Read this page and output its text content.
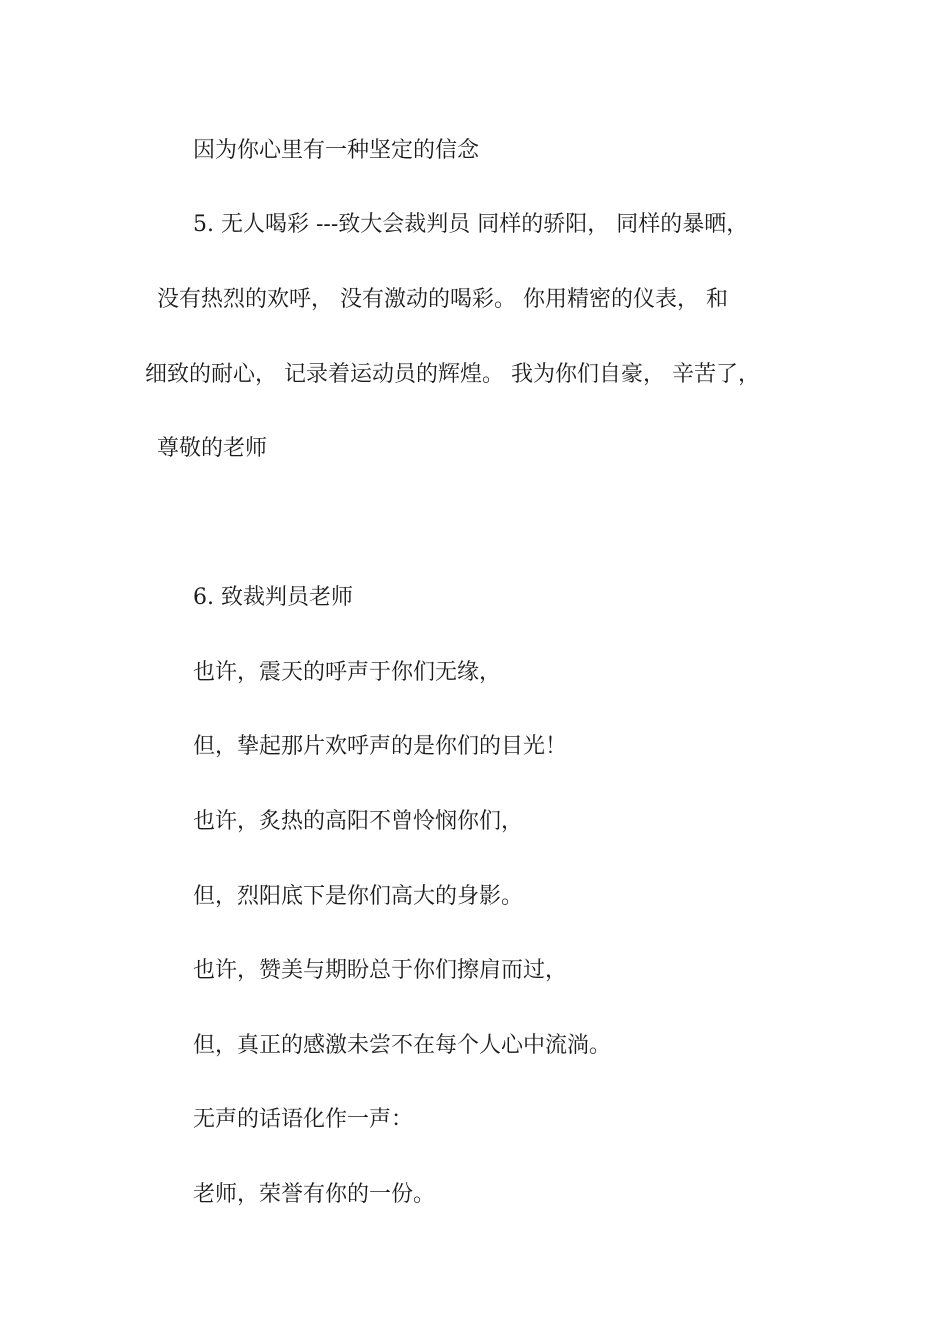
因为你心里有一种坚定的信念

5. 无人喝彩 ---致大会裁判员 同样的骄阳， 同样的暴晒，

没有热烈的欢呼， 没有激动的喝彩。 你用精密的仪表， 和

细致的耐心， 记录着运动员的辉煌。 我为你们自豪， 辛苦了，

尊敬的老师

6. 致裁判员老师

也许，震天的呼声于你们无缘，

但，挚起那片欢呼声的是你们的目光！

也许，炙热的高阳不曾怜悯你们，

但，烈阳底下是你们高大的身影。

也许，赞美与期盼总于你们擦肩而过，

但，真正的感激未尝不在每个人心中流淌。

无声的话语化作一声：

老师，荣誉有你的一份。
